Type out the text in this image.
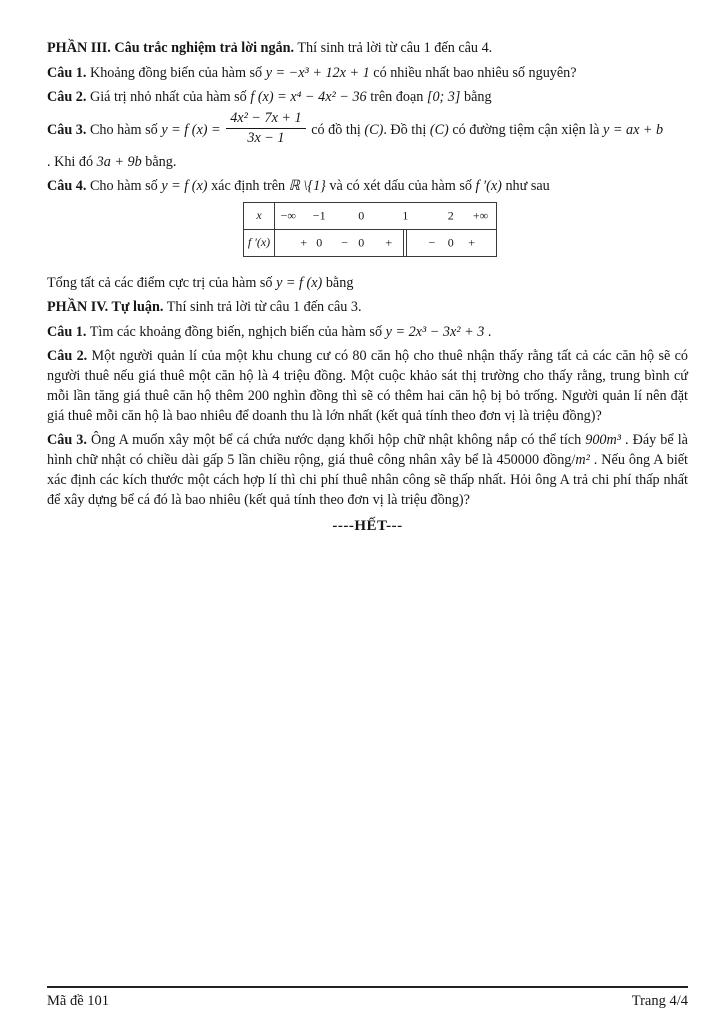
PHẦN III. Câu trắc nghiệm trả lời ngắn. Thí sinh trả lời từ câu 1 đến câu 4.

Câu 1. Khoảng đồng biến của hàm số y = −x³ + 12x + 1 có nhiều nhất bao nhiêu số nguyên?

Câu 2. Giá trị nhỏ nhất của hàm số f (x) = x⁴ − 4x² − 36 trên đoạn [0; 3] bằng

Câu 3. Cho hàm số y = f $(x) = \frac{\text{4x² − 7x + 1}}{3x - 1}$ có đồ thị (C). Đồ thị (C) có đường tiệm cận xiện là y = ax + b

. Khi đó 3a + 9b bằng.

Câu 4. Cho hàm số y = f (x) xác định trên ℝ \{1} và có xét dấu của hàm số f ′(x) như sau

x	−∞ −1	0	1	2 +∞
f ′(x)	+ 0 − 0 +	− 0 +

Tổng tất cả các điểm cực trị của hàm số y = f (x) bằng

PHẦN IV. Tự luận. Thí sinh trả lời từ câu 1 đến câu 3.

Câu 1. Tìm các khoảng đồng biến, nghịch biến của hàm số y = 2x³ − 3x² + 3 .

Câu 2. Một người quản lí của một khu chung cư có 80 căn hộ cho thuê nhận thấy rằng tất cả các căn hộ sẽ có người thuê nếu giá thuê một căn hộ là 4 triệu đồng. Một cuộc khảo sát thị trường cho thấy rằng, trung bình cứ mỗi lần tăng giá thuê căn hộ thêm 200 nghìn đồng thì sẽ có thêm hai căn hộ bị bỏ trống. Người quản lí nên đặt giá thuê mỗi căn hộ là bao nhiêu để doanh thu là lớn nhất (kết quả tính theo đơn vị là triệu đồng)?

Câu 3. Ông A muốn xây một bể cá chứa nước dạng khối hộp chữ nhật không nắp có thể tích 900m³ . Đáy bể là hình chữ nhật có chiều dài gấp 5 lần chiều rộng, giá thuê công nhân xây bể là 450000 đồng/m² . Nếu ông A biết xác định các kích thước một cách hợp lí thì chi phí thuê nhân công sẽ thấp nhất. Hỏi ông A trả chi phí thấp nhất để xây dựng bể cá đó là bao nhiêu (kết quả tính theo đơn vị là triệu đồng)?

----HẾT---

Mã đề 101	Trang 4/4
